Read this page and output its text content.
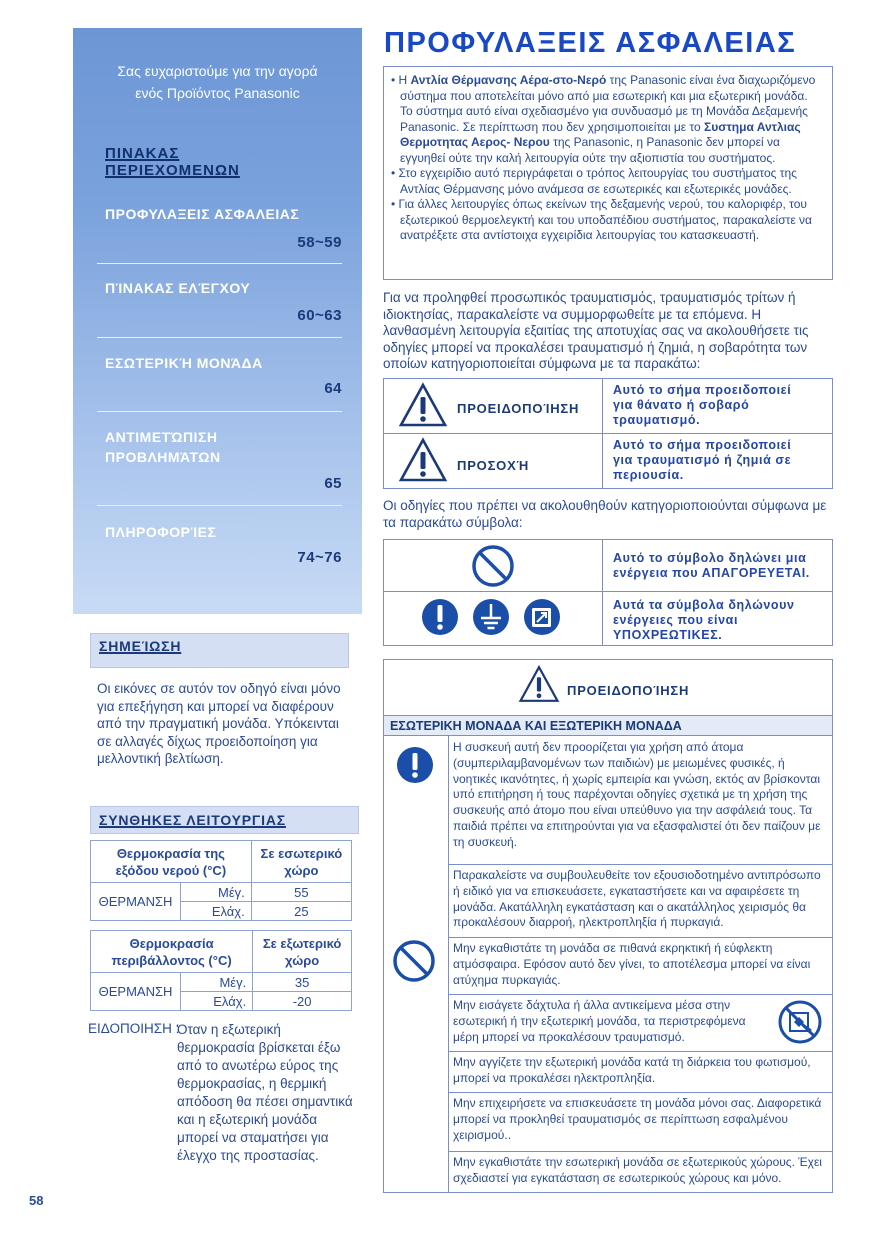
Σας ευχαριστούμε για την αγορά
ενός Προϊόντος Panasonic
ΠΙΝΑΚΑΣ
ΠΕΡΙΕΧΟΜΕΝΩΝ
ΠΡΟΦΥΛΑΞΕΙΣ ΑΣΦΑΛΕΙΑΣ
58~59
ΠΊΝΑΚΑΣ ΕΛΈΓΧΟΥ
60~63
ΕΣΩΤΕΡΙΚΉ ΜΟΝΆΔΑ
64
ΑΝΤΙΜΕΤΏΠΙΣΗ
ΠΡΟΒΛΗΜΆΤΩΝ
65
ΠΛΗΡΟΦΟΡΊΕΣ
74~76
ΣΗΜΕΊΩΣΗ
Οι εικόνες σε αυτόν τον οδηγό είναι μόνο για επεξήγηση και μπορεί να διαφέρουν από την πραγματική μονάδα. Υπόκεινται σε αλλαγές δίχως προειδοποίηση για μελλοντική βελτίωση.
ΣΥΝΘΗΚΕΣ ΛΕΙΤΟΥΡΓΙΑΣ
Θερμοκρασία της
εξόδου νερού (°C)		Σε εσωτερικό
χώρο
ΘΕΡΜΑΝΣΗ	Μέγ.	55
	Ελάχ.	25
Θερμοκρασία
περιβάλλοντος (°C)		Σε εξωτερικό
χώρο
ΘΕΡΜΑΝΣΗ	Μέγ.	35
	Ελάχ.	-20
ΕΙΔΟΠΟΙΗΣΗ :
Όταν η εξωτερική θερμοκρασία βρίσκεται έξω από το ανωτέρω εύρος της θερμοκρασίας, η θερμική απόδοση θα πέσει σημαντικά και η εξωτερική μονάδα μπορεί να σταματήσει για έλεγχο της προστασίας.
58
ΠΡΟΦΥΛΑΞΕΙΣ ΑΣΦΑΛΕΙΑΣ

• Η Αντλία Θέρμανσης Αέρα-στο-Νερό της Panasonic είναι ένα διαχωριζόμενο σύστημα που αποτελείται μόνο από μια εσωτερική και μια εξωτερική μονάδα. Το σύστημα αυτό είναι σχεδιασμένο για συνδυασμό με τη Μονάδα Δεξαμενής Panasonic. Σε περίπτωση που δεν χρησιμοποιείται με το Συστημα Αντλιας Θερμοτητας Αερος- Νερου της Panasonic, η Panasonic δεν μπορεί να εγγυηθεί ούτε την καλή λειτουργία ούτε την αξιοπιστία του συστήματος.

• Στο εγχειρίδιο αυτό περιγράφεται ο τρόπος λειτουργίας του συστήματος της Αντλίας Θέρμανσης μόνο ανάμεσα σε εσωτερικές και εξωτερικές μονάδες.

• Για άλλες λειτουργίες όπως εκείνων της δεξαμενής νερού, του καλοριφέρ, του εξωτερικού θερμοελεγκτή και του υποδαπέδιου συστήματος, παρακαλείστε να ανατρέξετε στα αντίστοιχα εγχειρίδια λειτουργίας του κατασκευαστή.

Για να προληφθεί προσωπικός τραυματισμός, τραυματισμός τρίτων ή ιδιοκτησίας, παρακαλείστε να συμμορφωθείτε με τα επόμενα. Η λανθασμένη λειτουργία εξαιτίας της αποτυχίας σας να ακολουθήσετε τις οδηγίες μπορεί να προκαλέσει τραυματισμό ή ζημιά, η σοβαρότητα των οποίων κατηγοριοποιείται σύμφωνα με τα παρακάτω:
ΠΡΟΕΙΔΟΠΟΊΗΣΗ
Αυτό το σήμα προειδοποιεί
για θάνατο ή σοβαρό
τραυματισμό.
ΠΡΟΣΟΧΉ
Αυτό το σήμα προειδοποιεί
για τραυματισμό ή ζημιά σε
περιουσία.
Οι οδηγίες που πρέπει να ακολουθηθούν κατηγοριοποιούνται σύμφωνα με τα παρακάτω σύμβολα:
Αυτό το σύμβολο δηλώνει μια
ενέργεια που ΑΠΑΓΟΡΕΥΕΤΑΙ.
Αυτά τα σύμβολα δηλώνουν
ενέργειες που είναι
ΥΠΟΧΡΕΩΤΙΚΕΣ.
ΠΡΟΕΙΔΟΠΟΊΗΣΗ
ΕΣΩΤΕΡΙΚΗ ΜΟΝΑΔΑ ΚΑΙ ΕΞΩΤΕΡΙΚΗ ΜΟΝΑΔΑ
Η συσκευή αυτή δεν προορίζεται για χρήση από άτομα (συμπεριλαμβανομένων των παιδιών) με μειωμένες φυσικές, ή νοητικές ικανότητες, ή χωρίς εμπειρία και γνώση, εκτός αν βρίσκονται υπό επιτήρηση ή τους παρέχονται οδηγίες σχετικά με τη χρήση της συσκευής από άτομο που είναι υπεύθυνο για την ασφάλειά τους. Τα παιδιά πρέπει να επιτηρούνται για να εξασφαλιστεί ότι δεν παίζουν με τη συσκευή.
Παρακαλείστε να συμβουλευθείτε τον εξουσιοδοτημένο αντιπρόσωπο ή ειδικό για να επισκευάσετε, εγκαταστήσετε και να αφαιρέσετε τη μονάδα. Ακατάλληλη εγκατάσταση και ο ακατάλληλος χειρισμός θα προκαλέσουν διαρροή, ηλεκτροπληξία ή πυρκαγιά.
Μην εγκαθιστάτε τη μονάδα σε πιθανά εκρηκτική ή εύφλεκτη ατμόσφαιρα. Εφόσον αυτό δεν γίνει, το αποτέλεσμα μπορεί να είναι ατύχημα πυρκαγιάς.
Μην εισάγετε δάχτυλα ή άλλα αντικείμενα μέσα στην εσωτερική ή την εξωτερική μονάδα, τα περιστρεφόμενα μέρη μπορεί να προκαλέσουν τραυματισμό.
Μην αγγίζετε την εξωτερική μονάδα κατά τη διάρκεια του φωτισμού, μπορεί να προκαλέσει ηλεκτροπληξία.
Μην επιχειρήσετε να επισκευάσετε τη μονάδα μόνοι σας. Διαφορετικά μπορεί να προκληθεί τραυματισμός σε περίπτωση εσφαλμένου χειρισμού..
Μην εγκαθιστάτε την εσωτερική μονάδα σε εξωτερικούς χώρους. Έχει σχεδιαστεί για εγκατάσταση σε εσωτερικούς χώρους και μόνο.
